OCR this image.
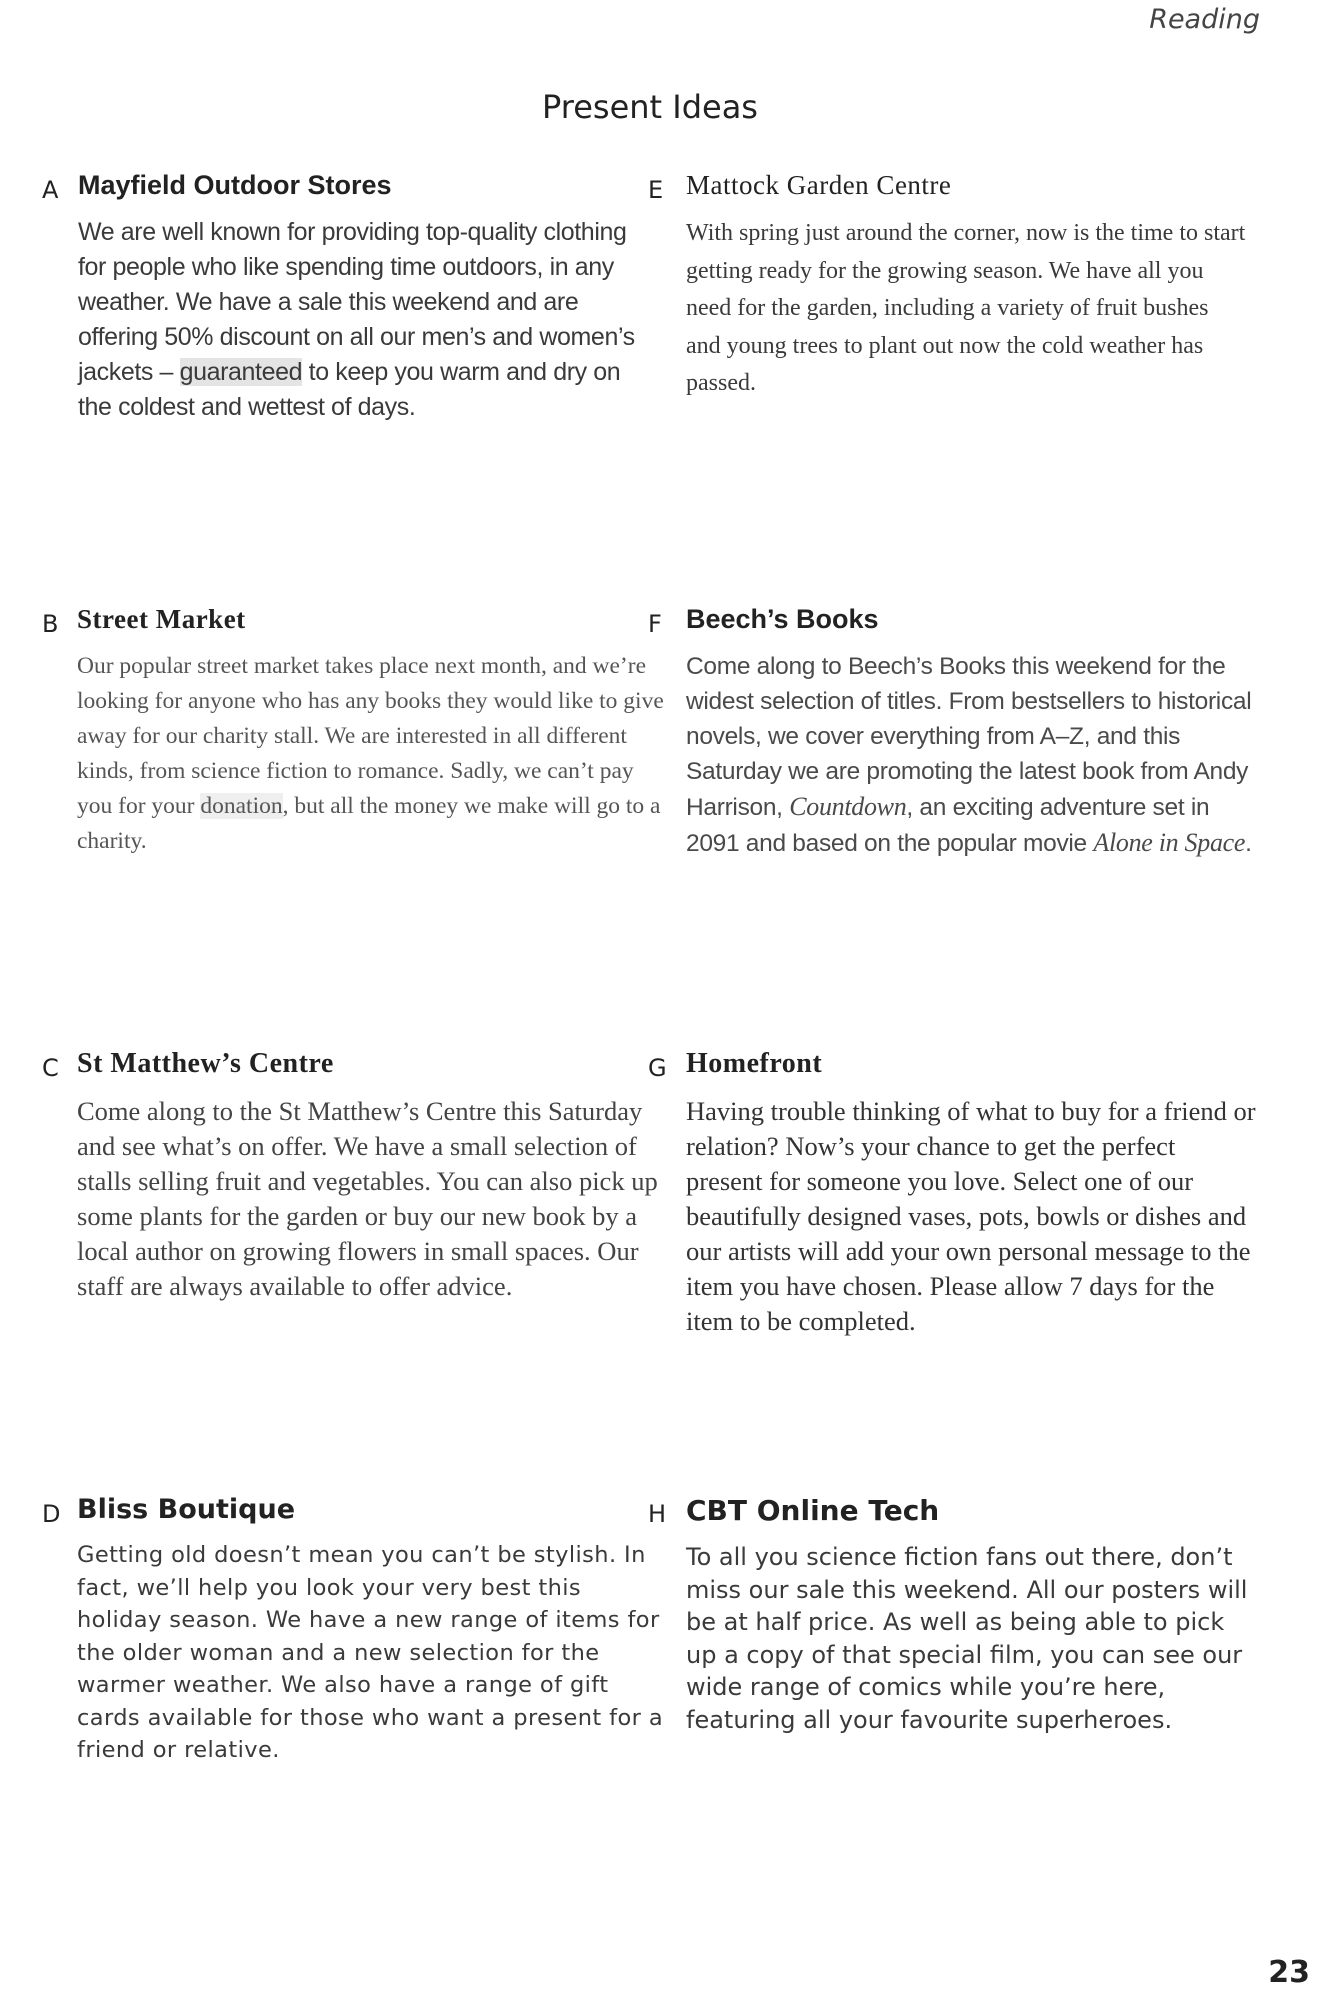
Reading
Present Ideas
A Mayfield Outdoor Stores

We are well known for providing top-quality clothing for people who like spending time outdoors, in any weather. We have a sale this weekend and are offering 50% discount on all our men’s and women’s jackets – guaranteed to keep you warm and dry on the coldest and wettest of days.

E Mattock Garden Centre

With spring just around the corner, now is the time to start getting ready for the growing season. We have all you need for the garden, including a variety of fruit bushes and young trees to plant out now the cold weather has passed.

B Street Market

Our popular street market takes place next month, and we’re looking for anyone who has any books they would like to give away for our charity stall. We are interested in all different kinds, from science fiction to romance. Sadly, we can’t pay you for your donation, but all the money we make will go to a charity.

F Beech’s Books

Come along to Beech’s Books this weekend for the widest selection of titles. From bestsellers to historical novels, we cover everything from A–Z, and this Saturday we are promoting the latest book from Andy Harrison, Countdown, an exciting adventure set in 2091 and based on the popular movie Alone in Space.

C St Matthew’s Centre

Come along to the St Matthew’s Centre this Saturday and see what’s on offer. We have a small selection of stalls selling fruit and vegetables. You can also pick up some plants for the garden or buy our new book by a local author on growing flowers in small spaces. Our staff are always available to offer advice.

G Homefront

Having trouble thinking of what to buy for a friend or relation? Now’s your chance to get the perfect present for someone you love. Select one of our beautifully designed vases, pots, bowls or dishes and our artists will add your own personal message to the item you have chosen. Please allow 7 days for the item to be completed.

D Bliss Boutique

Getting old doesn’t mean you can’t be stylish. In fact, we’ll help you look your very best this holiday season. We have a new range of items for the older woman and a new selection for the warmer weather. We also have a range of gift cards available for those who want a present for a friend or relative.

H CBT Online Tech

To all you science fiction fans out there, don’t miss our sale this weekend. All our posters will be at half price. As well as being able to pick up a copy of that special film, you can see our wide range of comics while you’re here, featuring all your favourite superheroes.

23
